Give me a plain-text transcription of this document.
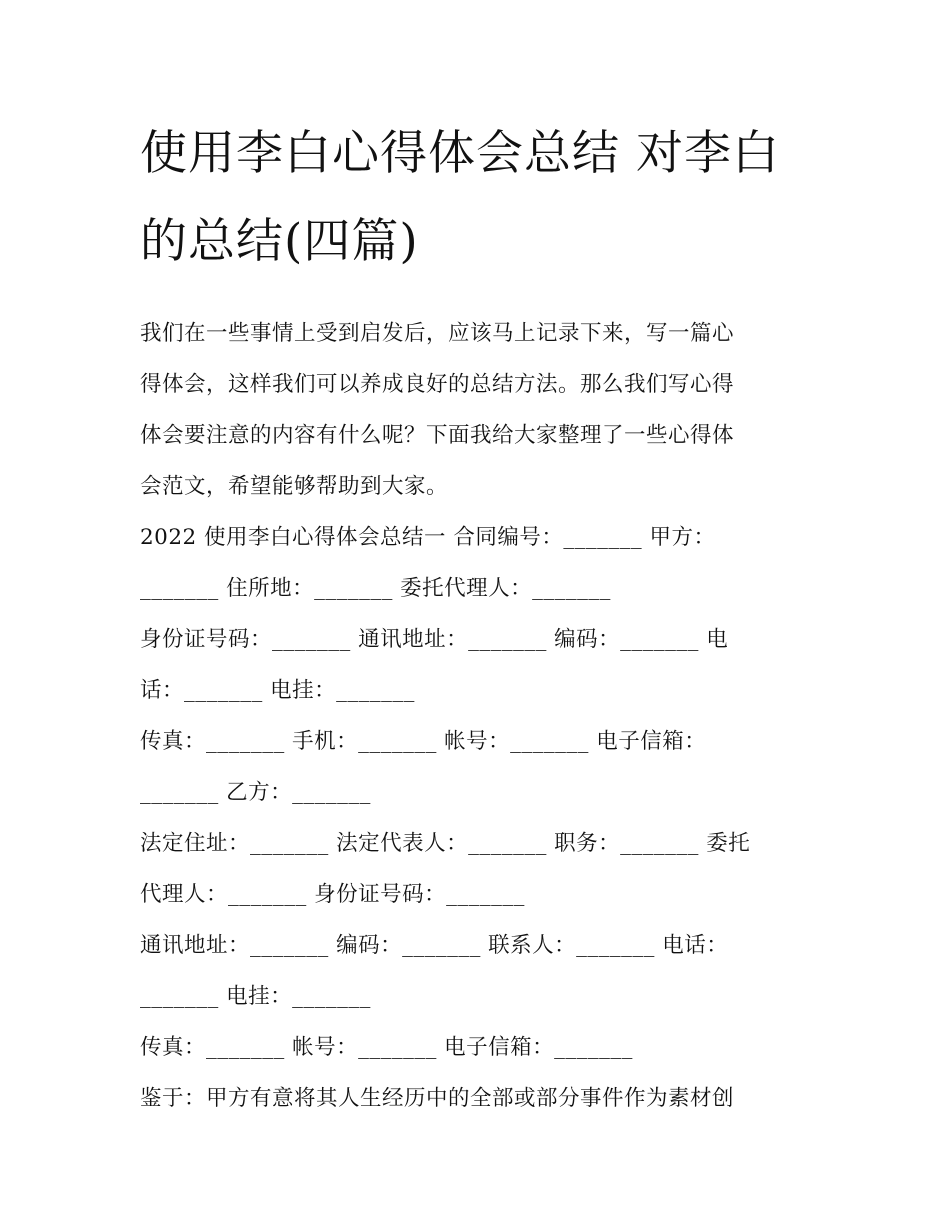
使用李白心得体会总结 对李白
的总结(四篇)

我们在一些事情上受到启发后，应该马上记录下来，写一篇心
得体会，这样我们可以养成良好的总结方法。那么我们写心得
体会要注意的内容有什么呢？下面我给大家整理了一些心得体
会范文，希望能够帮助到大家。

2022 使用李白心得体会总结一 合同编号：_______ 甲方：
_______ 住所地：_______ 委托代理人：_______
身份证号码：_______ 通讯地址：_______ 编码：_______ 电
话：_______ 电挂：_______
传真：_______ 手机：_______ 帐号：_______ 电子信箱：
_______ 乙方：_______
法定住址：_______ 法定代表人：_______ 职务：_______ 委托
代理人：_______ 身份证号码：_______
通讯地址：_______ 编码：_______ 联系人：_______ 电话：
_______ 电挂：_______
传真：_______ 帐号：_______ 电子信箱：_______
鉴于：甲方有意将其人生经历中的全部或部分事件作为素材创
